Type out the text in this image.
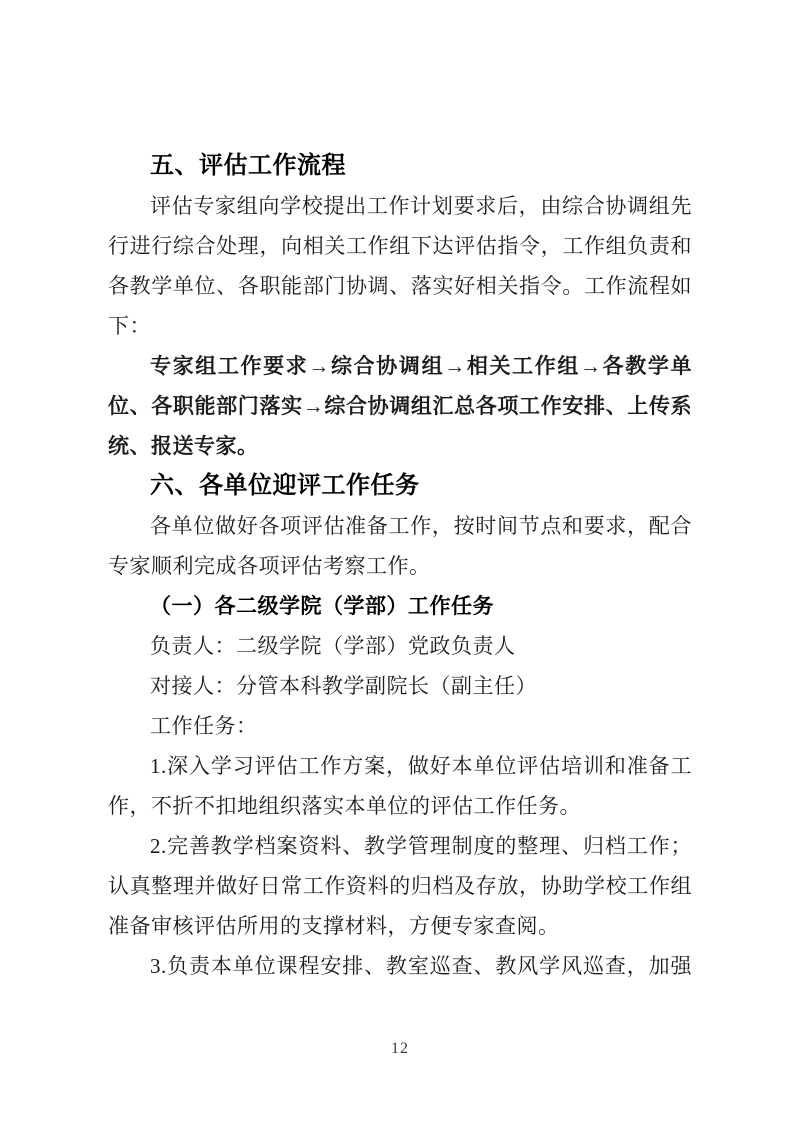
五、评估工作流程
评估专家组向学校提出工作计划要求后，由综合协调组先
行进行综合处理，向相关工作组下达评估指令，工作组负责和
各教学单位、各职能部门协调、落实好相关指令。工作流程如
下：
专家组工作要求→综合协调组→相关工作组→各教学单
位、各职能部门落实→综合协调组汇总各项工作安排、上传系
统、报送专家。
六、各单位迎评工作任务
各单位做好各项评估准备工作，按时间节点和要求，配合
专家顺利完成各项评估考察工作。
（一）各二级学院（学部）工作任务
负责人：二级学院（学部）党政负责人
对接人：分管本科教学副院长（副主任）
工作任务：
1.深入学习评估工作方案，做好本单位评估培训和准备工
作，不折不扣地组织落实本单位的评估工作任务。
2.完善教学档案资料、教学管理制度的整理、归档工作；
认真整理并做好日常工作资料的归档及存放，协助学校工作组
准备审核评估所用的支撑材料，方便专家查阅。
3.负责本单位课程安排、教室巡查、教风学风巡查，加强
12
